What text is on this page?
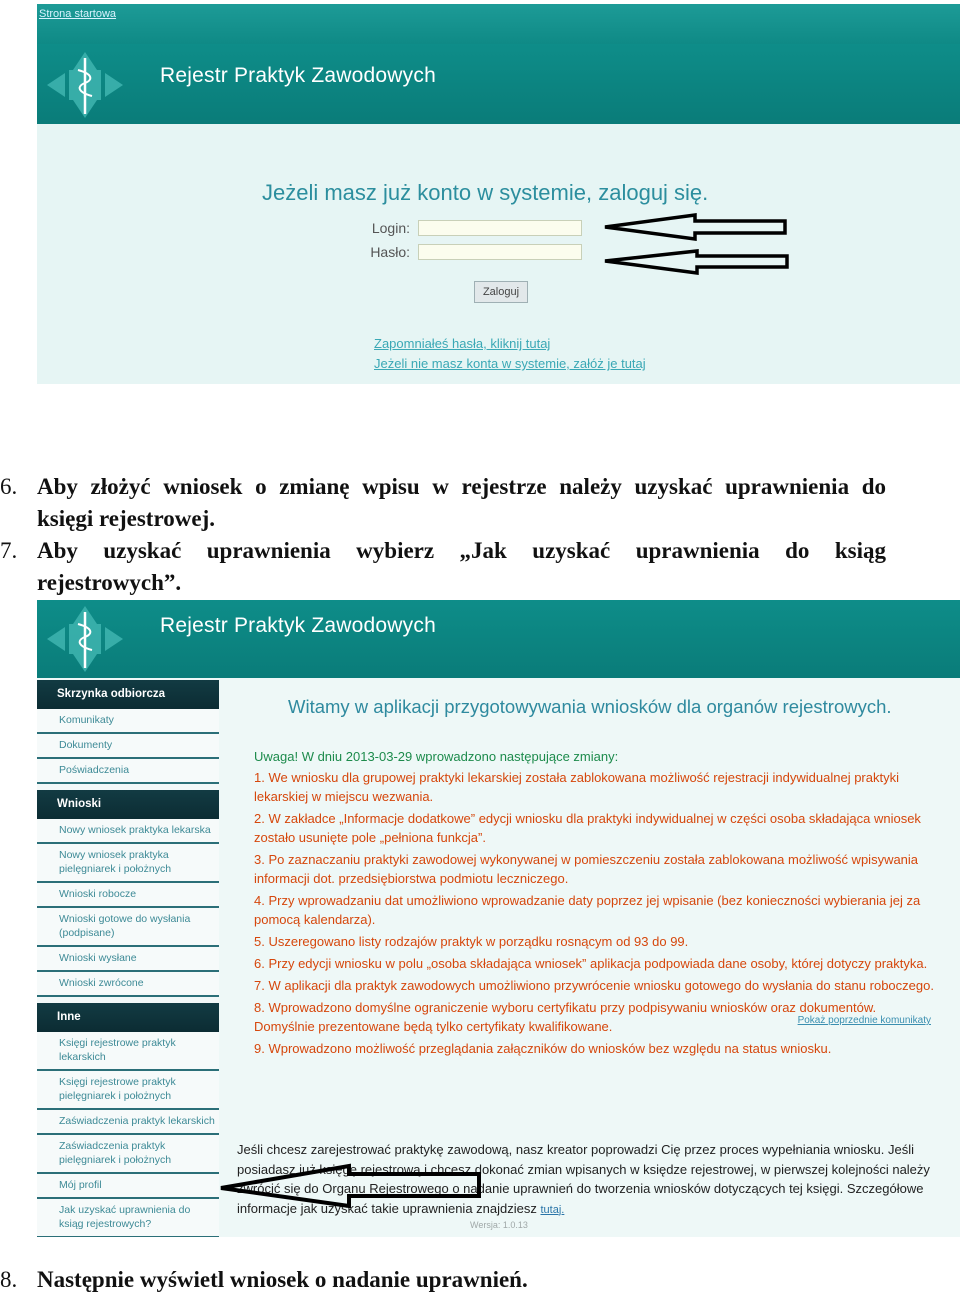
Strona startowa
Rejestr Praktyk Zawodowych
Jeżeli masz już konto w systemie, zaloguj się.
Login:
Hasło:
Zaloguj
Zapomniałeś hasła, kliknij tutaj
Jeżeli nie masz konta w systemie, załóż je tutaj
6. Aby złożyć wniosek o zmianę wpisu w rejestrze należy uzyskać uprawnienia do
księgi rejestrowej.
7. Aby uzyskać uprawnienia wybierz „Jak uzyskać uprawnienia do ksiąg
rejestrowych”.
Rejestr Praktyk Zawodowych
Skrzynka odbiorcza
Komunikaty
Dokumenty
Poświadczenia
Wnioski
Nowy wniosek praktyka lekarska
Nowy wniosek praktyka pielęgniarek i położnych
Wnioski robocze
Wnioski gotowe do wysłania (podpisane)
Wnioski wysłane
Wnioski zwrócone
Inne
Księgi rejestrowe praktyk lekarskich
Księgi rejestrowe praktyk pielęgniarek i położnych
Zaświadczenia praktyk lekarskich
Zaświadczenia praktyk pielęgniarek i położnych
Mój profil
Jak uzyskać uprawnienia do ksiąg rejestrowych?
Witamy w aplikacji przygotowywania wniosków dla organów rejestrowych.

Uwaga! W dniu 2013-03-29 wprowadzono następujące zmiany:

1. We wniosku dla grupowej praktyki lekarskiej została zablokowana możliwość rejestracji indywidualnej praktyki lekarskiej w miejscu wezwania.

2. W zakładce „Informacje dodatkowe” edycji wniosku dla praktyki indywidualnej w części osoba składająca wniosek zostało usunięte pole „pełniona funkcja”.

3. Po zaznaczaniu praktyki zawodowej wykonywanej w pomieszczeniu została zablokowana możliwość wpisywania informacji dot. przedsiębiorstwa podmiotu leczniczego.

4. Przy wprowadzaniu dat umożliwiono wprowadzanie daty poprzez jej wpisanie (bez konieczności wybierania jej za pomocą kalendarza).

5. Uszeregowano listy rodzajów praktyk w porządku rosnącym od 93 do 99.

6. Przy edycji wniosku w polu „osoba składająca wniosek” aplikacja podpowiada dane osoby, której dotyczy praktyka.

7. W aplikacji dla praktyk zawodowych umożliwiono przywrócenie wniosku gotowego do wysłania do stanu roboczego.

8. Wprowadzono domyślne ograniczenie wyboru certyfikatu przy podpisywaniu wniosków oraz dokumentów. Domyślnie prezentowane będą tylko certyfikaty kwalifikowane.

9. Wprowadzono możliwość przeglądania załączników do wniosków bez względu na status wniosku.

Pokaż poprzednie komunikaty
Jeśli chcesz zarejestrować praktykę zawodową, nasz kreator poprowadzi Cię przez proces wypełniania wniosku. Jeśli posiadasz już księgę rejestrową i chcesz dokonać zmian wpisanych w księdze rejestrowej, w pierwszej kolejności należy zwrócić się do Organu Rejestrowego o nadanie uprawnień do tworzenia wniosków dotyczących tej księgi. Szczegółowe informacje jak uzyskać takie uprawnienia znajdziesz tutaj.
Wersja: 1.0.13
8. Następnie wyświetl wniosek o nadanie uprawnień.
